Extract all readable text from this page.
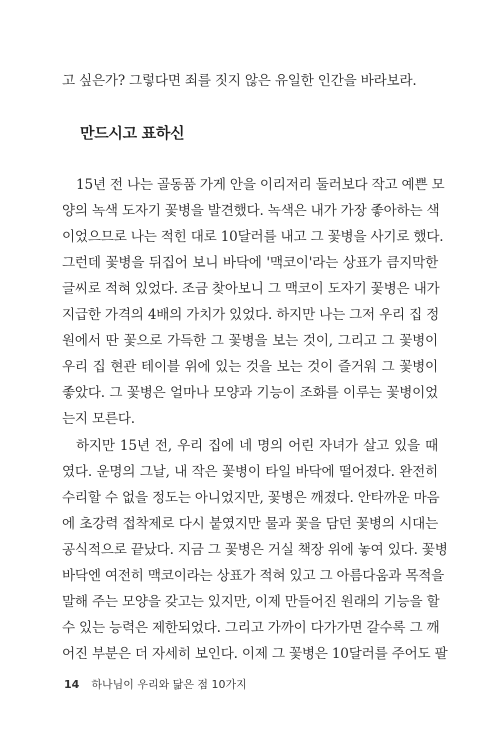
고 싶은가? 그렇다면 죄를 짓지 않은 유일한 인간을 바라보라.
만드시고 표하신
15년 전 나는 골동품 가게 안을 이리저리 둘러보다 작고 예쁜 모
양의 녹색 도자기 꽃병을 발견했다. 녹색은 내가 가장 좋아하는 색
이었으므로 나는 적힌 대로 10달러를 내고 그 꽃병을 사기로 했다.
그런데 꽃병을 뒤집어 보니 바닥에 '맥코이'라는 상표가 큼지막한
글씨로 적혀 있었다. 조금 찾아보니 그 맥코이 도자기 꽃병은 내가
지급한 가격의 4배의 가치가 있었다. 하지만 나는 그저 우리 집 정
원에서 딴 꽃으로 가득한 그 꽃병을 보는 것이, 그리고 그 꽃병이
우리 집 현관 테이블 위에 있는 것을 보는 것이 즐거워 그 꽃병이
좋았다. 그 꽃병은 얼마나 모양과 기능이 조화를 이루는 꽃병이었
는지 모른다.
하지만 15년 전, 우리 집에 네 명의 어린 자녀가 살고 있을 때
였다. 운명의 그날, 내 작은 꽃병이 타일 바닥에 떨어졌다. 완전히
수리할 수 없을 정도는 아니었지만, 꽃병은 깨졌다. 안타까운 마음
에 초강력 접착제로 다시 붙였지만 물과 꽃을 담던 꽃병의 시대는
공식적으로 끝났다. 지금 그 꽃병은 거실 책장 위에 놓여 있다. 꽃병
바닥엔 여전히 맥코이라는 상표가 적혀 있고 그 아름다움과 목적을
말해 주는 모양을 갖고는 있지만, 이제 만들어진 원래의 기능을 할
수 있는 능력은 제한되었다. 그리고 가까이 다가가면 갈수록 그 깨
어진 부분은 더 자세히 보인다. 이제 그 꽃병은 10달러를 주어도 팔
14 하나님이 우리와 닮은 점 10가지
